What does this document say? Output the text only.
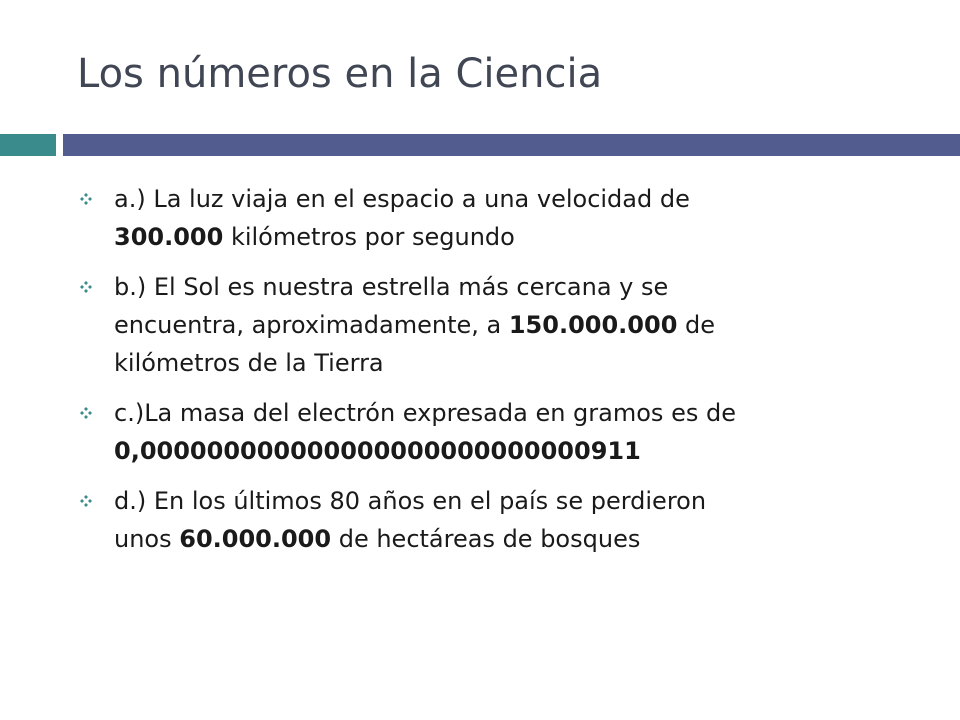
Los números en la Ciencia
a.) La luz viaja en el espacio a una velocidad de
300.000 kilómetros por segundo
b.) El Sol es nuestra estrella más cercana y se
encuentra, aproximadamente, a 150.000.000 de
kilómetros de la Tierra
c.)La masa del electrón expresada en gramos es de
0,000000000000000000000000000911
d.) En los últimos 80 años en el país se perdieron
unos 60.000.000 de hectáreas de bosques
